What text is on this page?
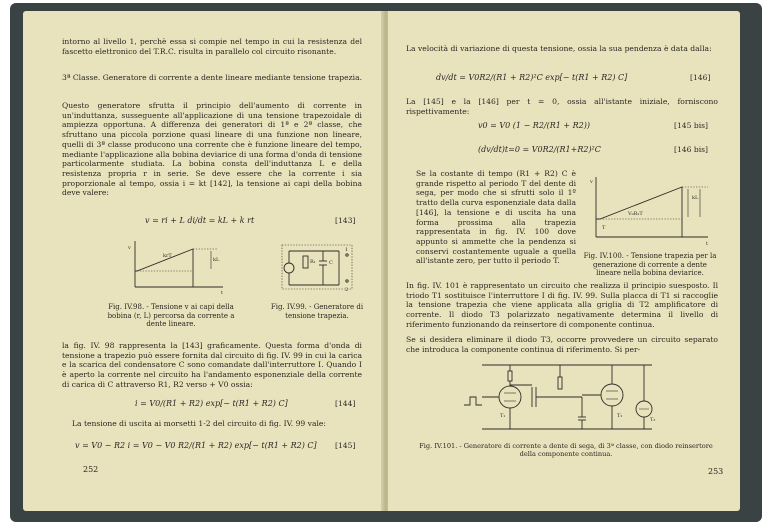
intorno al livello 1, perchè essa si compie nel tempo in cui la resistenza del fascetto elettronico del T.R.C. risulta in parallelo col circuito risonante.
3ª Classe. Generatore di corrente a dente lineare mediante tensione trapezia.
Questo generatore sfrutta il principio dell'aumento di corrente in un'induttanza, susseguente all'applicazione di una tensione trapezoidale di ampiezza opportuna. A differenza dei generatori di 1ª e 2ª classe, che sfruttano una piccola porzione quasi lineare di una funzione non lineare, quelli di 3ª classe producono una corrente che è funzione lineare del tempo, mediante l'applicazione alla bobina deviarice di una forma d'onda di tensione particolarmente studiata. La bobina consta dell'induttanza L e della resistenza propria r in serie. Se deve essere che la corrente i sia proporzionale al tempo, ossia i = kt [142], la tensione ai capi della bobina deve valere:
v = ri + L di/dt = kL + k rt	[143]
v
t
kL
krT
1
2
R₁	C
Fig. IV.98. - Tensione v ai capi della bobina (r, L) percorsa da corrente a dente lineare.
Fig. IV.99. - Generatore di tensione trapezia.
la fig. IV. 98 rappresenta la [143] graficamente. Questa forma d'onda di tensione a trapezio può essere fornita dal circuito di fig. IV. 99 in cui la carica e la scarica del condensatore C sono comandate dall'interruttore I. Quando I è aperto la corrente nel circuito ha l'andamento esponenziale della corrente di carica di C attraverso R1, R2 verso + V0 ossia:
i = V0/(R1 + R2) exp[− t(R1 + R2) C]	[144]
La tensione di uscita ai morsetti 1-2 del circuito di fig. IV. 99 vale:
v = V0 − R2 i = V0 − V0 R2/(R1 + R2) exp[− t(R1 + R2) C] [145]
252
La velocità di variazione di questa tensione, ossia la sua pendenza è data dalla:
dv/dt = V0R2/(R1 + R2)²C exp[− t(R1 + R2) C]	[146]
La [145] e la [146] per t = 0, ossia all'istante iniziale, forniscono rispettivamente:
v0 = V0 (1 − R2/(R1 + R2))	[145 bis]
(dv/dt)t=0 = V0R2/(R1+R2)²C	[146 bis]
Se la costante di tempo (R1 + R2) C è grande rispetto al periodo T del dente di sega, per modo che si sfrutti solo il 1º tratto della curva esponenziale data dalla [146], la tensione e di uscita ha una forma prossima alla trapezia rappresentata in fig. IV. 100 dove appunto si ammette che la pendenza si conservi costantemente uguale a quella all'istante zero, per tutto il periodo T.
v
t
kL
V₀R₂T
T
Fig. IV.100. - Tensione trapezia per la generazione di corrente a dente lineare nella bobina deviarice.
In fig. IV. 101 è rappresentato un circuito che realizza il principio suesposto. Il triodo T1 sostituisce l'interruttore I di fig. IV. 99. Sulla placca di T1 si raccoglie la tensione trapezia che viene applicata alla griglia di T2 amplificatore di corrente. Il diodo T3 polarizzato negativamente determina il livello di riferimento funzionando da reinsertore di componente continua.
Se si desidera eliminare il diodo T3, occorre provvedere un circuito separato che introduca la componente continua di riferimento. Si per-
T₁	T₂
T₃
Fig. IV.101. - Generatore di corrente a dente di sega, di 3ª classe, con diodo reinsertore della componente continua.
253
